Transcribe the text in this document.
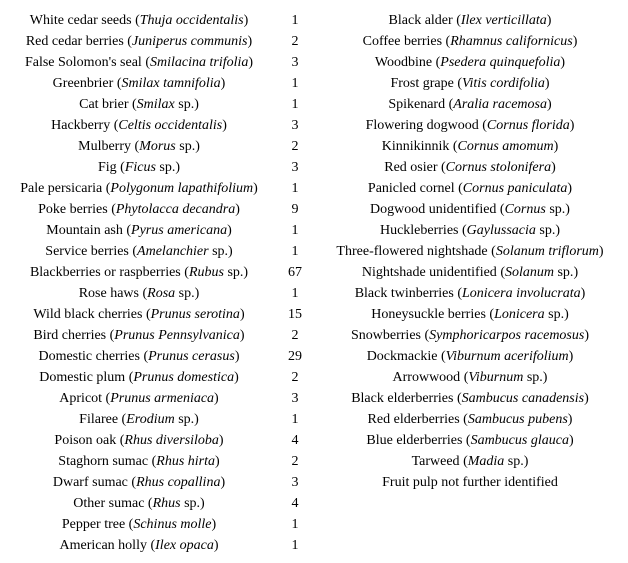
White cedar seeds (Thuja occidentalis)	1
Red cedar berries (Juniperus communis)	2
False Solomon's seal (Smilacina trifolia)	3
Greenbrier (Smilax tamnifolia)	1
Cat brier (Smilax sp.)	1
Hackberry (Celtis occidentalis)	3
Mulberry (Morus sp.)	2
Fig (Ficus sp.)	3
Pale persicaria (Polygonum lapathifolium)	1
Poke berries (Phytolacca decandra)	9
Mountain ash (Pyrus americana)	1
Service berries (Amelanchier sp.)	1
Blackberries or raspberries (Rubus sp.)	67
Rose haws (Rosa sp.)	1
Wild black cherries (Prunus serotina)	15
Bird cherries (Prunus Pennsylvanica)	2
Domestic cherries (Prunus cerasus)	29
Domestic plum (Prunus domestica)	2
Apricot (Prunus armeniaca)	3
Filaree (Erodium sp.)	1
Poison oak (Rhus diversiloba)	4
Staghorn sumac (Rhus hirta)	2
Dwarf sumac (Rhus copallina)	3
Other sumac (Rhus sp.)	4
Pepper tree (Schinus molle)	1
American holly (Ilex opaca)	1
Black alder (Ilex verticillata)
Coffee berries (Rhamnus californicus)
Woodbine (Psedera quinquefolia)
Frost grape (Vitis cordifolia)
Spikenard (Aralia racemosa)
Flowering dogwood (Cornus florida)
Kinnikinnik (Cornus amomum)
Red osier (Cornus stolonifera)
Panicled cornel (Cornus paniculata)
Dogwood unidentified (Cornus sp.)
Huckleberries (Gaylussacia sp.)
Three-flowered nightshade (Solanum triflorum)
Nightshade unidentified (Solanum sp.)
Black twinberries (Lonicera involucrata)
Honeysuckle berries (Lonicera sp.)
Snowberries (Symphoricarpos racemosus)
Dockmackie (Viburnum acerifolium)
Arrowwood (Viburnum sp.)
Black elderberries (Sambucus canadensis)
Red elderberries (Sambucus pubens)
Blue elderberries (Sambucus glauca)
Tarweed (Madia sp.)
Fruit pulp not further identified
